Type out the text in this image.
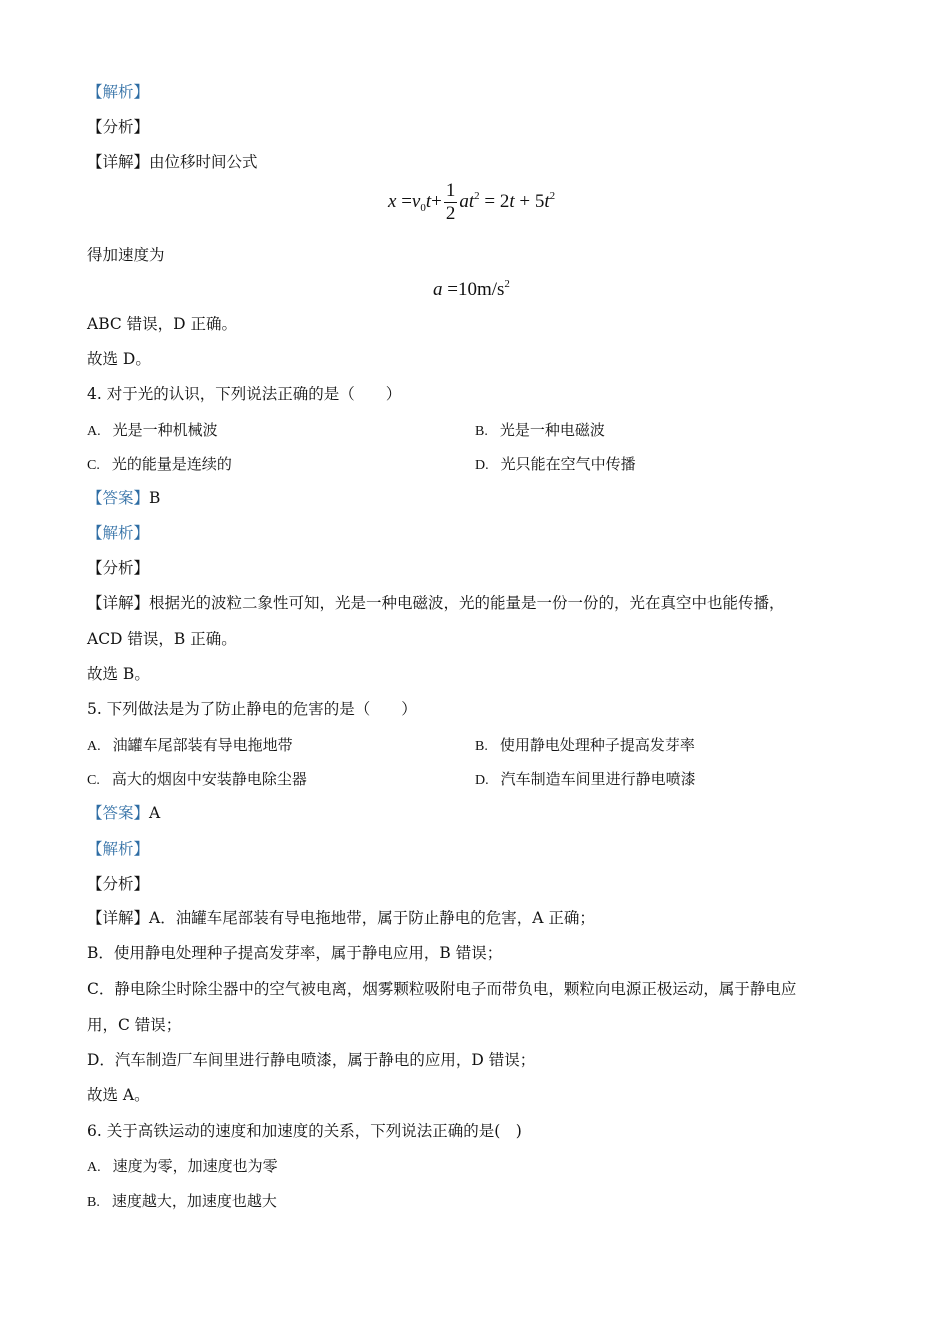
【解析】
【分析】
【详解】由位移时间公式
$x =v_0t+ \frac{1}{2} at^2 = 2t + 5t^2$
得加速度为
$a =10m/s^2$
ABC 错误，D 正确。
故选 D。
4. 对于光的认识，下列说法正确的是（　　）
A. 光是一种机械波	B. 光是一种电磁波
C. 光的能量是连续的	D. 光只能在空气中传播
【答案】B
【解析】
【分析】
【详解】根据光的波粒二象性可知，光是一种电磁波，光的能量是一份一份的，光在真空中也能传播，
ACD 错误，B 正确。
故选 B。
5. 下列做法是为了防止静电的危害的是（　　）
A. 油罐车尾部装有导电拖地带	B. 使用静电处理种子提高发芽率
C. 高大的烟囱中安装静电除尘器	D. 汽车制造车间里进行静电喷漆
【答案】A
【解析】
【分析】
【详解】A．油罐车尾部装有导电拖地带，属于防止静电的危害，A 正确；
B．使用静电处理种子提高发芽率，属于静电应用，B 错误；
C．静电除尘时除尘器中的空气被电离，烟雾颗粒吸附电子而带负电，颗粒向电源正极运动，属于静电应
用，C 错误；
D．汽车制造厂车间里进行静电喷漆，属于静电的应用，D 错误；
故选 A。
6. 关于高铁运动的速度和加速度的关系，下列说法正确的是(　)
A. 速度为零，加速度也为零
B. 速度越大，加速度也越大
